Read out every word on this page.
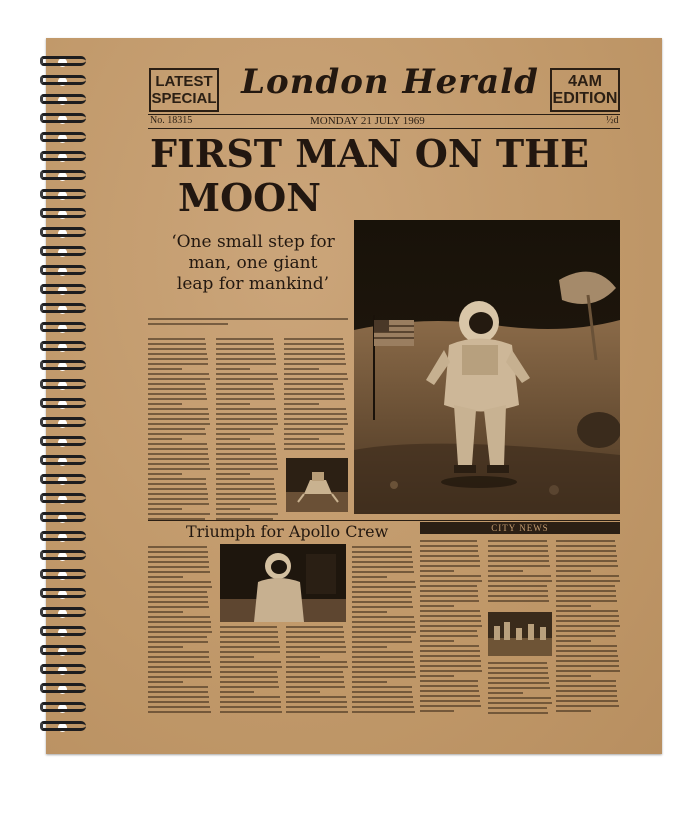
LATEST
SPECIAL London Herald	4AM
EDITION
No. 18315	MONDAY 21 JULY 1969	½d
FIRST MAN ON THE
MOON
‘One small step for
man, one giant
leap for mankind’
Triumph for Apollo Crew	CITY NEWS
